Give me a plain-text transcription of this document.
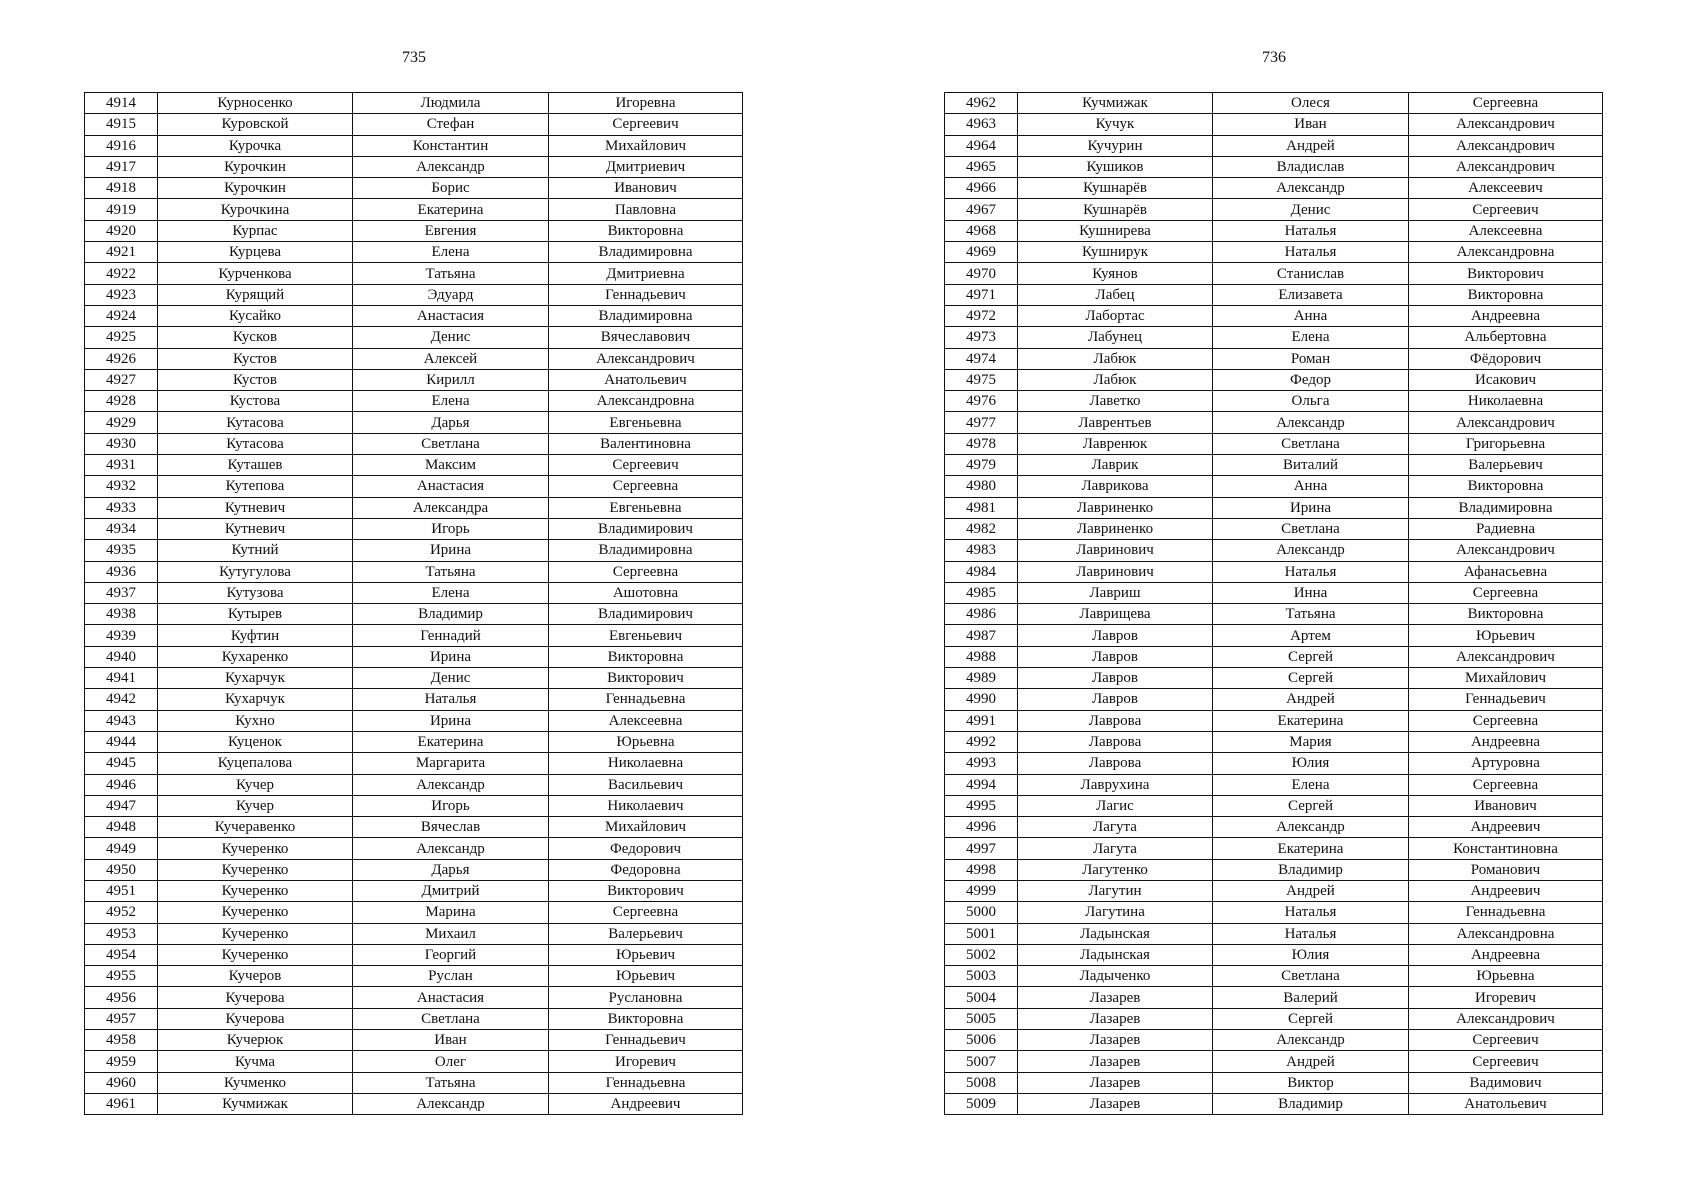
735
4914	Курносенко	Людмила	Игоревна
4915	Куровской	Стефан	Сергеевич
4916	Курочка	Константин	Михайлович
4917	Курочкин	Александр	Дмитриевич
4918	Курочкин	Борис	Иванович
4919	Курочкина	Екатерина	Павловна
4920	Курпас	Евгения	Викторовна
4921	Курцева	Елена	Владимировна
4922	Курченкова	Татьяна	Дмитриевна
4923	Курящий	Эдуард	Геннадьевич
4924	Кусайко	Анастасия	Владимировна
4925	Кусков	Денис	Вячеславович
4926	Кустов	Алексей	Александрович
4927	Кустов	Кирилл	Анатольевич
4928	Кустова	Елена	Александровна
4929	Кутасова	Дарья	Евгеньевна
4930	Кутасова	Светлана	Валентиновна
4931	Куташев	Максим	Сергеевич
4932	Кутепова	Анастасия	Сергеевна
4933	Кутневич	Александра	Евгеньевна
4934	Кутневич	Игорь	Владимирович
4935	Кутний	Ирина	Владимировна
4936	Кутугулова	Татьяна	Сергеевна
4937	Кутузова	Елена	Ашотовна
4938	Кутырев	Владимир	Владимирович
4939	Куфтин	Геннадий	Евгеньевич
4940	Кухаренко	Ирина	Викторовна
4941	Кухарчук	Денис	Викторович
4942	Кухарчук	Наталья	Геннадьевна
4943	Кухно	Ирина	Алексеевна
4944	Куценок	Екатерина	Юрьевна
4945	Куцепалова	Маргарита	Николаевна
4946	Кучер	Александр	Васильевич
4947	Кучер	Игорь	Николаевич
4948	Кучеравенко	Вячеслав	Михайлович
4949	Кучеренко	Александр	Федорович
4950	Кучеренко	Дарья	Федоровна
4951	Кучеренко	Дмитрий	Викторович
4952	Кучеренко	Марина	Сергеевна
4953	Кучеренко	Михаил	Валерьевич
4954	Кучеренко	Георгий	Юрьевич
4955	Кучеров	Руслан	Юрьевич
4956	Кучерова	Анастасия	Руслановна
4957	Кучерова	Светлана	Викторовна
4958	Кучерюк	Иван	Геннадьевич
4959	Кучма	Олег	Игоревич
4960	Кучменко	Татьяна	Геннадьевна
4961	Кучмижак	Александр	Андреевич
736
4962	Кучмижак	Олеся	Сергеевна
4963	Кучук	Иван	Александрович
4964	Кучурин	Андрей	Александрович
4965	Кушиков	Владислав	Александрович
4966	Кушнарёв	Александр	Алексеевич
4967	Кушнарёв	Денис	Сергеевич
4968	Кушнирева	Наталья	Алексеевна
4969	Кушнирук	Наталья	Александровна
4970	Куянов	Станислав	Викторович
4971	Лабец	Елизавета	Викторовна
4972	Лабортас	Анна	Андреевна
4973	Лабунец	Елена	Альбертовна
4974	Лабюк	Роман	Фёдорович
4975	Лабюк	Федор	Исакович
4976	Лаветко	Ольга	Николаевна
4977	Лаврентьев	Александр	Александрович
4978	Лавренюк	Светлана	Григорьевна
4979	Лаврик	Виталий	Валерьевич
4980	Лаврикова	Анна	Викторовна
4981	Лавриненко	Ирина	Владимировна
4982	Лавриненко	Светлана	Радиевна
4983	Лавринович	Александр	Александрович
4984	Лавринович	Наталья	Афанасьевна
4985	Лавриш	Инна	Сергеевна
4986	Лаврищева	Татьяна	Викторовна
4987	Лавров	Артем	Юрьевич
4988	Лавров	Сергей	Александрович
4989	Лавров	Сергей	Михайлович
4990	Лавров	Андрей	Геннадьевич
4991	Лаврова	Екатерина	Сергеевна
4992	Лаврова	Мария	Андреевна
4993	Лаврова	Юлия	Артуровна
4994	Лаврухина	Елена	Сергеевна
4995	Лагис	Сергей	Иванович
4996	Лагута	Александр	Андреевич
4997	Лагута	Екатерина	Константиновна
4998	Лагутенко	Владимир	Романович
4999	Лагутин	Андрей	Андреевич
5000	Лагутина	Наталья	Геннадьевна
5001	Ладынская	Наталья	Александровна
5002	Ладынская	Юлия	Андреевна
5003	Ладыченко	Светлана	Юрьевна
5004	Лазарев	Валерий	Игоревич
5005	Лазарев	Сергей	Александрович
5006	Лазарев	Александр	Сергеевич
5007	Лазарев	Андрей	Сергеевич
5008	Лазарев	Виктор	Вадимович
5009	Лазарев	Владимир	Анатольевич
